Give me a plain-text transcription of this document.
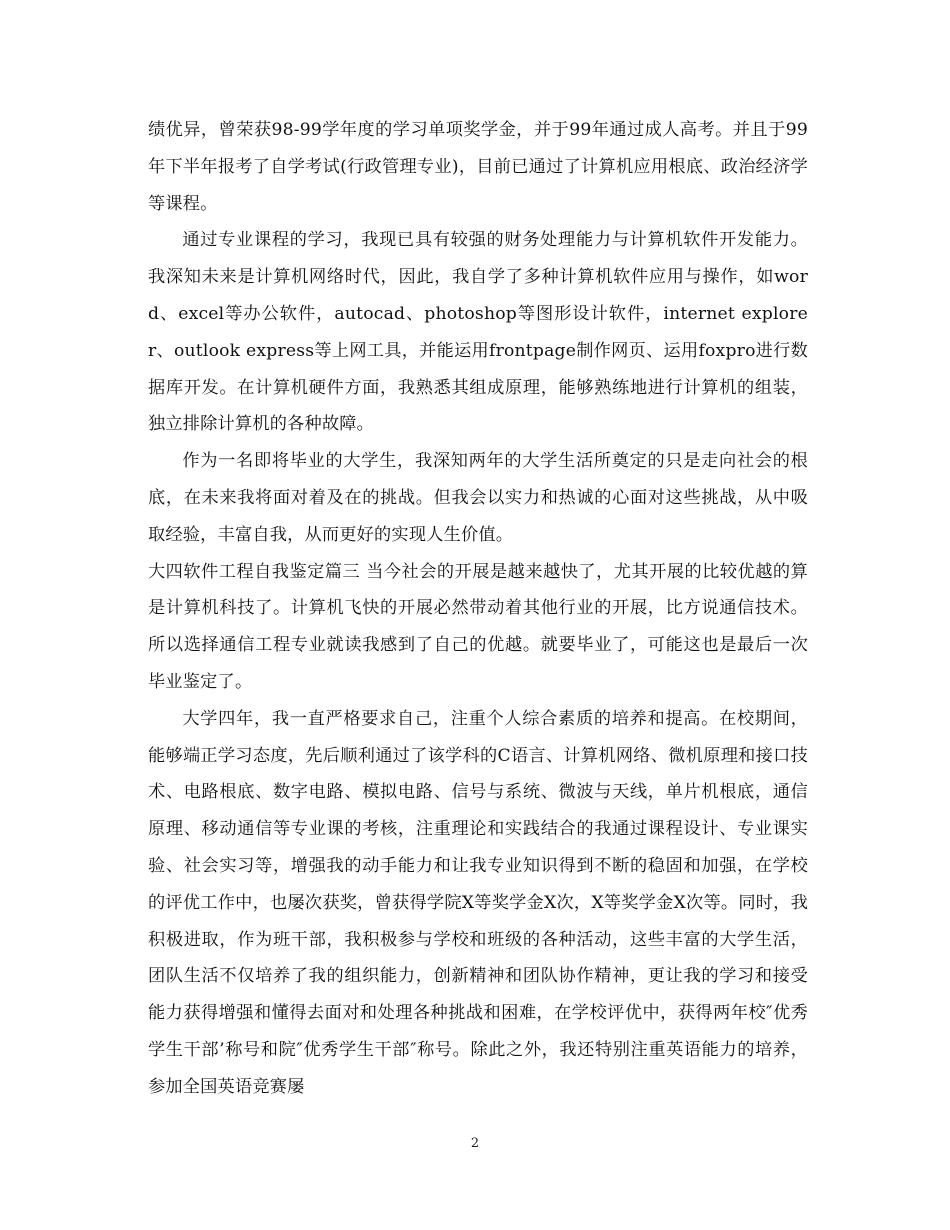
绩优异，曾荣获98-99学年度的学习单项奖学金，并于99年通过成人高考。并且于99年下半年报考了自学考试(行政管理专业)，目前已通过了计算机应用根底、政治经济学等课程。

通过专业课程的学习，我现已具有较强的财务处理能力与计算机软件开发能力。我深知未来是计算机网络时代，因此，我自学了多种计算机软件应用与操作，如word、excel等办公软件，autocad、photoshop等图形设计软件，internet explorer、outlook express等上网工具，并能运用frontpage制作网页、运用foxpro进行数据库开发。在计算机硬件方面，我熟悉其组成原理，能够熟练地进行计算机的组装，独立排除计算机的各种故障。

作为一名即将毕业的大学生，我深知两年的大学生活所奠定的只是走向社会的根底，在未来我将面对着及在的挑战。但我会以实力和热诚的心面对这些挑战，从中吸取经验，丰富自我，从而更好的实现人生价值。

大四软件工程自我鉴定篇三 当今社会的开展是越来越快了，尤其开展的比较优越的算是计算机科技了。计算机飞快的开展必然带动着其他行业的开展，比方说通信技术。所以选择通信工程专业就读我感到了自己的优越。就要毕业了，可能这也是最后一次毕业鉴定了。

大学四年，我一直严格要求自己，注重个人综合素质的培养和提高。在校期间，能够端正学习态度，先后顺利通过了该学科的C语言、计算机网络、微机原理和接口技术、电路根底、数字电路、模拟电路、信号与系统、微波与天线，单片机根底，通信原理、移动通信等专业课的考核，注重理论和实践结合的我通过课程设计、专业课实验、社会实习等，增强我的动手能力和让我专业知识得到不断的稳固和加强，在学校的评优工作中，也屡次获奖，曾获得学院X等奖学金X次，X等奖学金X次等。同时，我积极进取，作为班干部，我积极参与学校和班级的各种活动，这些丰富的大学生活，团队生活不仅培养了我的组织能力，创新精神和团队协作精神，更让我的学习和接受能力获得增强和懂得去面对和处理各种挑战和困难，在学校评优中，获得两年校″优秀学生干部’称号和院″优秀学生干部″称号。除此之外，我还特别注重英语能力的培养，参加全国英语竞赛屡

2
